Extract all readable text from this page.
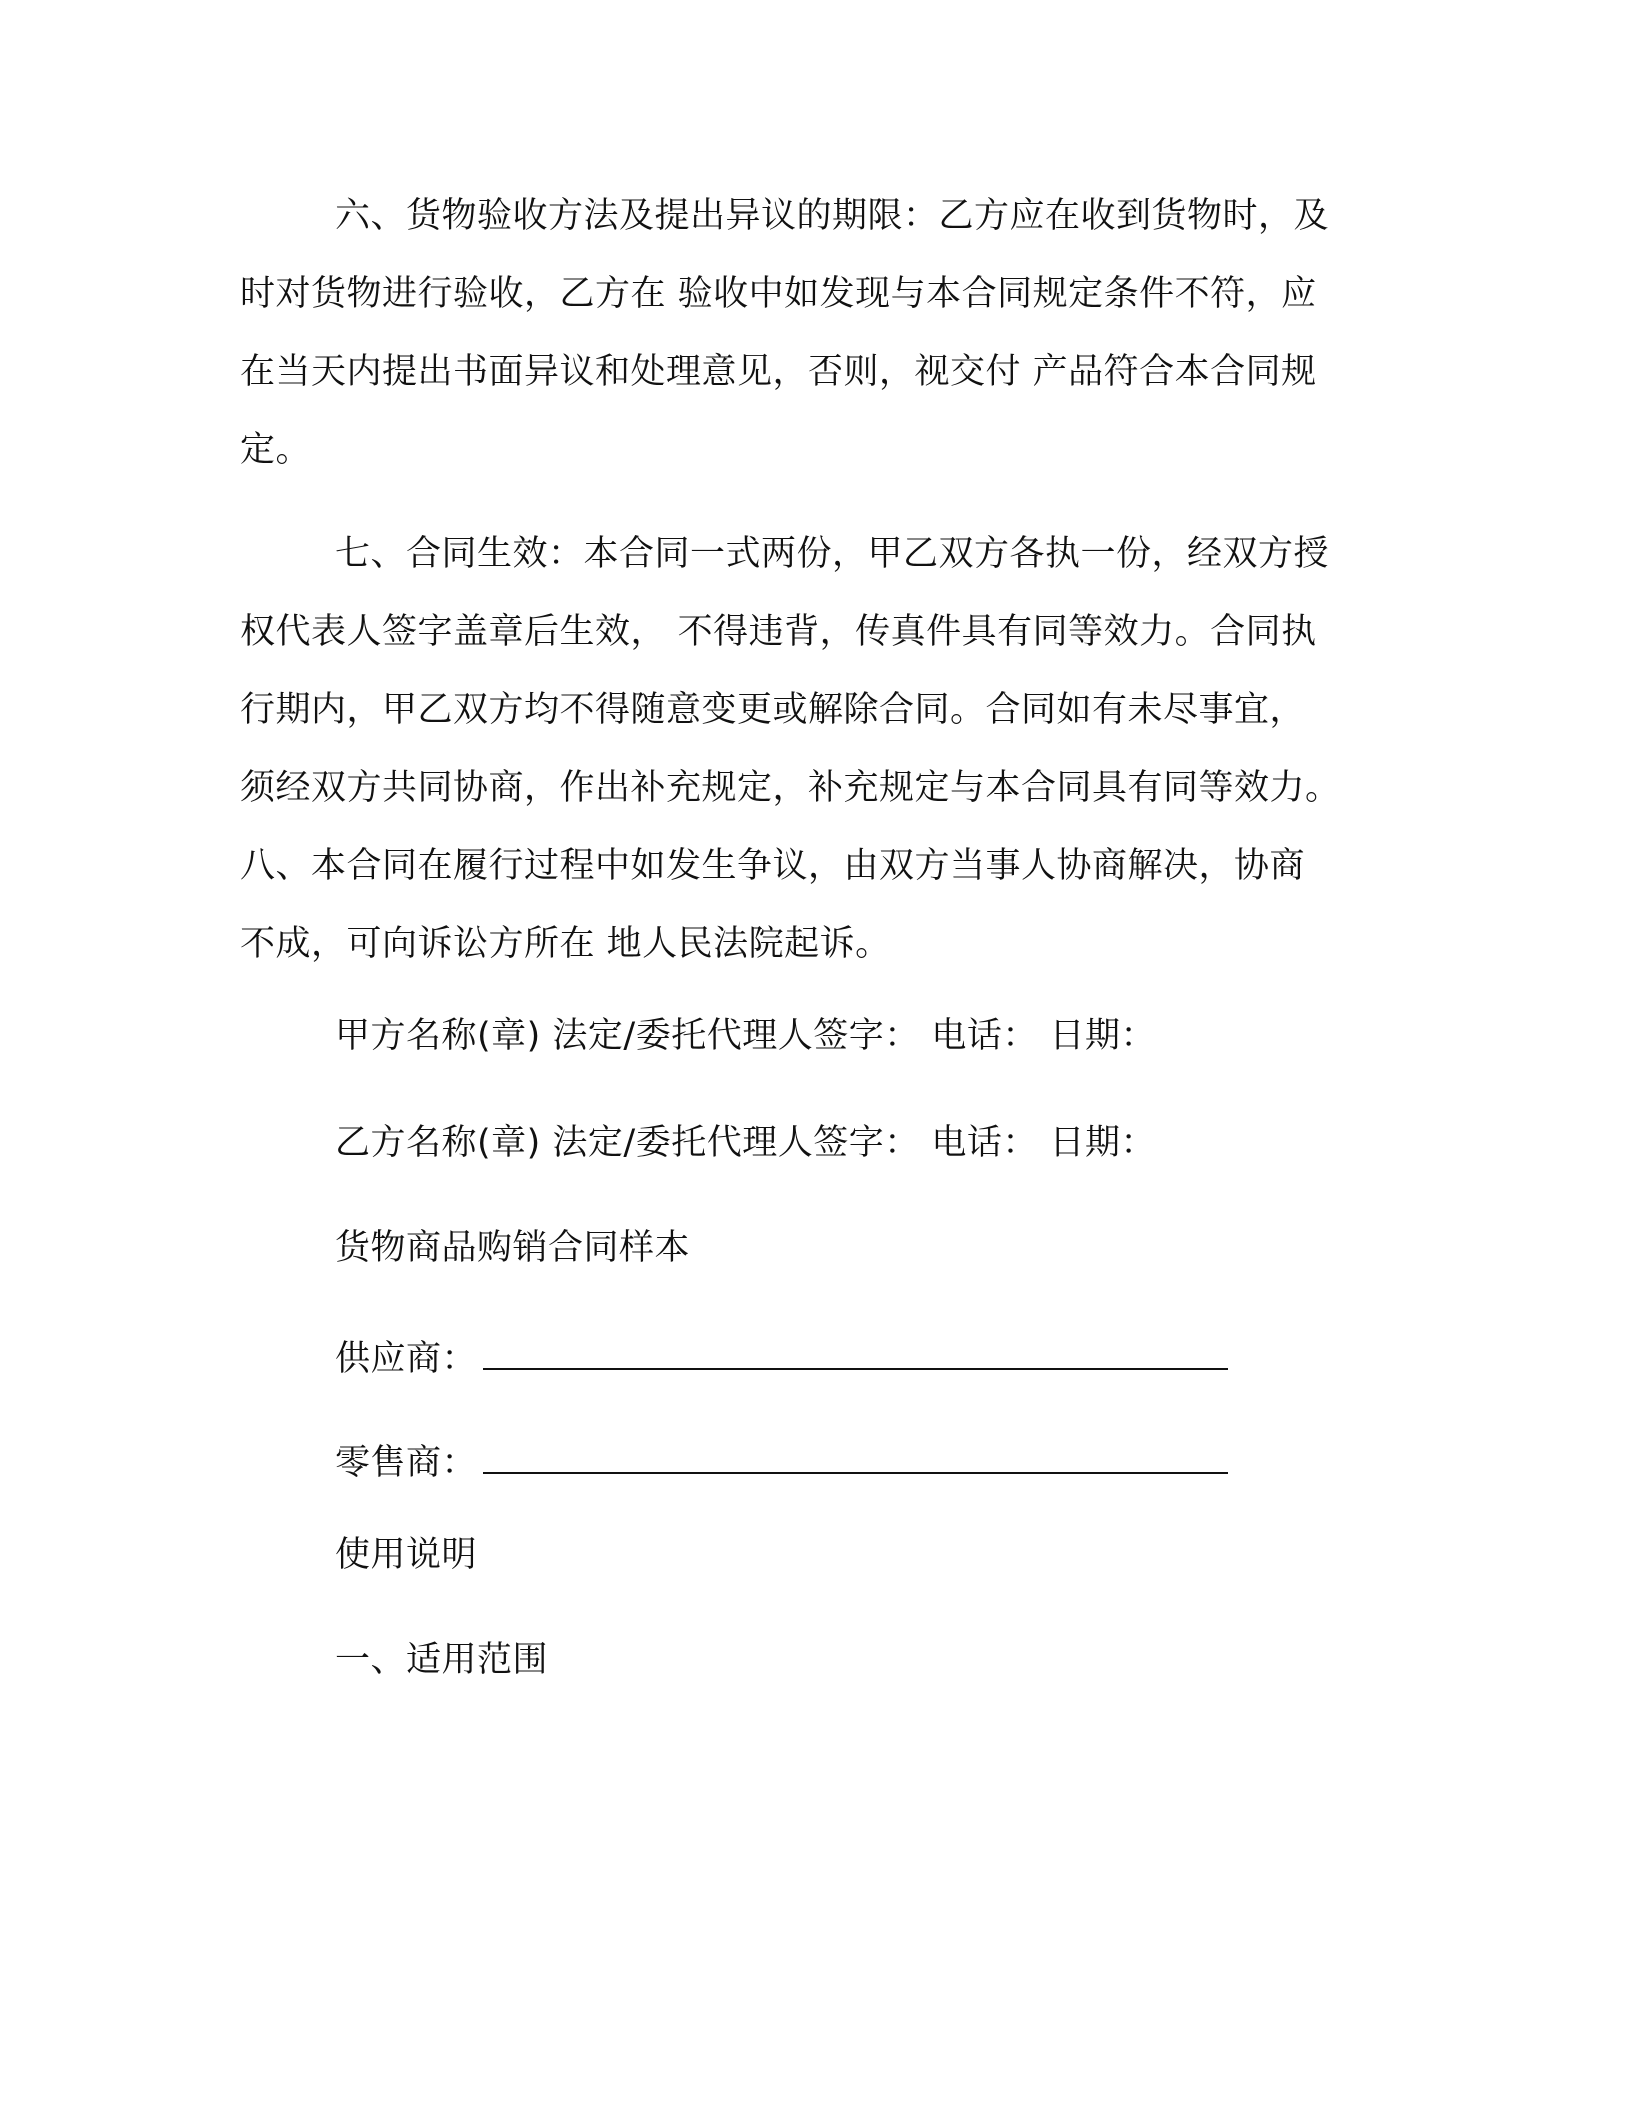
六、货物验收方法及提出异议的期限：乙方应在收到货物时，及
时对货物进行验收，乙方在 验收中如发现与本合同规定条件不符，应
在当天内提出书面异议和处理意见，否则，视交付 产品符合本合同规
定。
七、合同生效：本合同一式两份，甲乙双方各执一份，经双方授
权代表人签字盖章后生效， 不得违背，传真件具有同等效力。合同执
行期内，甲乙双方均不得随意变更或解除合同。合同如有未尽事宜，
须经双方共同协商，作出补充规定，补充规定与本合同具有同等效力。
八、本合同在履行过程中如发生争议，由双方当事人协商解决，协商
不成，可向诉讼方所在 地人民法院起诉。
甲方名称(章) 法定/委托代理人签字： 电话： 日期：
乙方名称(章) 法定/委托代理人签字： 电话： 日期：
货物商品购销合同样本
供应商：
零售商：
使用说明
一、适用范围
